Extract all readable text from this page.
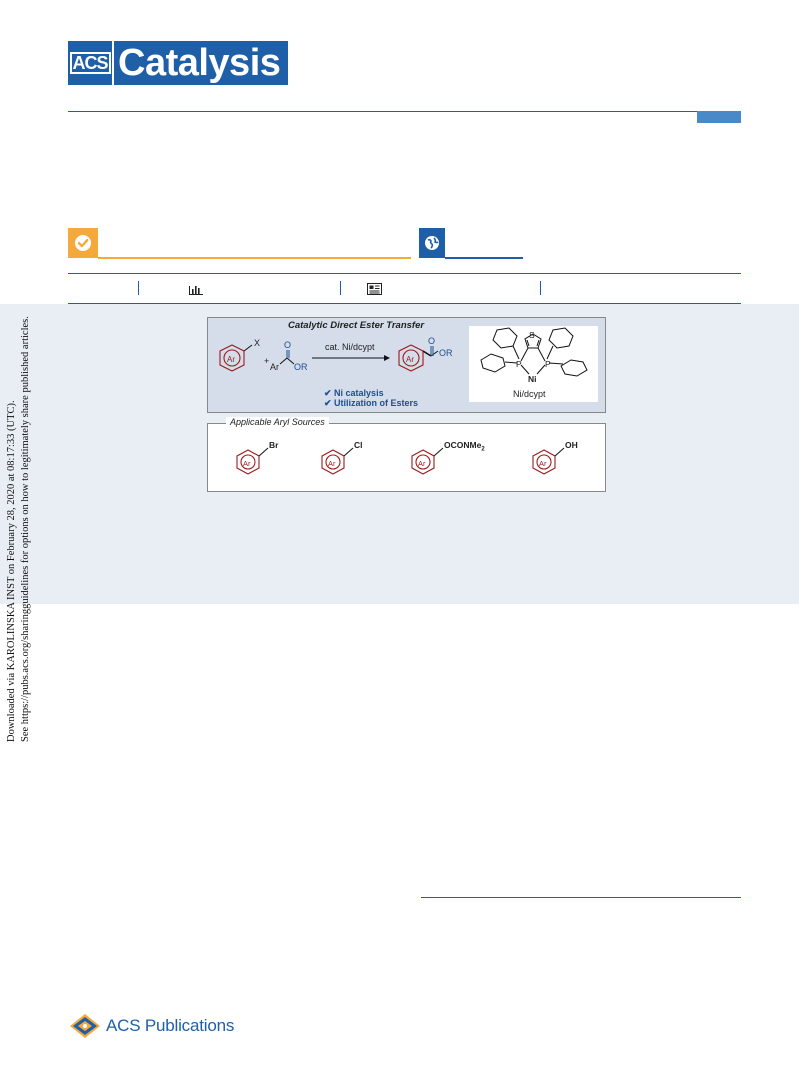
ACS Catalysis
Downloaded via KAROLINSKA INST on February 28, 2020 at 08:17:33 (UTC). See https://pubs.acs.org/sharingguidelines for options on how to legitimately share published articles.	Catalytic Direct Ester Transfer
Ar
X
+
Ar
O
OR
cat. Ni/dcypt
Ar
O
OR
✔ Ni catalysis
✔ Utilization of Esters
S
P	P
Ni
Ni/dcypt
Ar	Ar	Ar	Ar
Br	Cl	OCONMe$_2$	OH
Applicable Aryl Sources
ACS Publications
